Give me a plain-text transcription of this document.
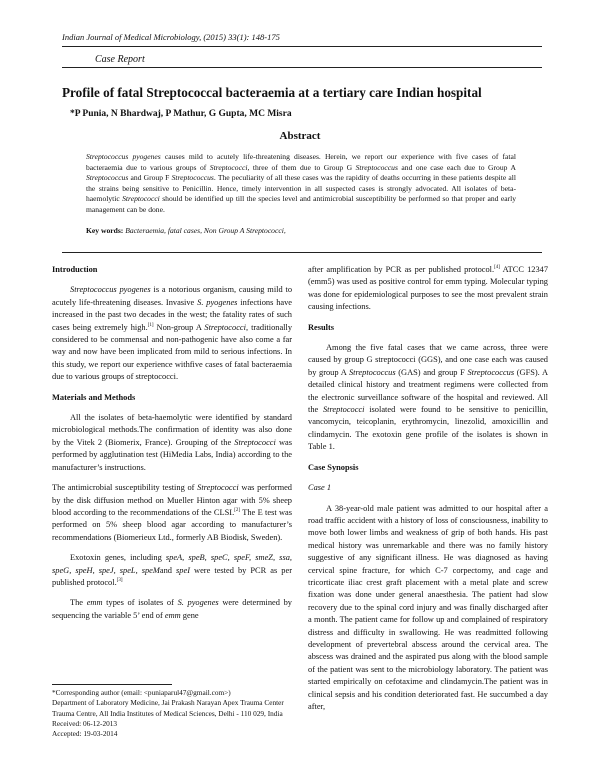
Indian Journal of Medical Microbiology, (2015) 33(1): 148-175
Case Report
Profile of fatal Streptococcal bacteraemia at a tertiary care Indian hospital
*P Punia, N Bhardwaj, P Mathur, G Gupta, MC Misra
Abstract
Streptococcus pyogenes causes mild to acutely life-threatening diseases. Herein, we report our experience with five cases of fatal bacteraemia due to various groups of Streptococci, three of them due to Group G Streptococcus and one case each due to Group A Streptococcus and Group F Streptococcus. The peculiarity of all these cases was the rapidity of deaths occurring in these patients despite all the strains being sensitive to Penicillin. Hence, timely intervention in all suspected cases is strongly advocated. All isolates of beta-haemolytic Streptococci should be identified up till the species level and antimicrobial susceptibility be performed so that proper and early management can be done.
Key words: Bacteraemia, fatal cases, Non Group A Streptococci,
Introduction

Streptococcus pyogenes is a notorious organism, causing mild to acutely life-threatening diseases. Invasive S. pyogenes infections have increased in the past two decades in the west; the fatality rates of such cases being extremely high.[1] Non-group A Streptococci, traditionally considered to be commensal and non-pathogenic have also come a far way and now have been implicated from mild to serious infections. In this study, we report our experience withfive cases of fatal bacteraemia due to various groups of streptococci.

Materials and Methods

All the isolates of beta-haemolytic were identified by standard microbiological methods.The confirmation of identity was also done by the Vitek 2 (Biomerix, France). Grouping of the Streptococci was performed by agglutination test (HiMedia Labs, India) according to the manufacturer’s instructions.

The antimicrobial susceptibility testing of Streptococci was performed by the disk diffusion method on Mueller Hinton agar with 5% sheep blood according to the recommendations of the CLSI.[2] The E test was performed on 5% sheep blood agar according to manufacturer’s recommendations (Biomerieux Ltd., formerly AB Biodisk, Sweden).

Exotoxin genes, including speA, speB, speC, speF, smeZ, ssa, speG, speH, speJ, speL, speMand speI were tested by PCR as per published protocol.[3]

The emm types of isolates of S. pyogenes were determined by sequencing the variable 5’ end of emm gene

*Corresponding author (email: <puniaparul47@gmail.com>)
Department of Laboratory Medicine, Jai Prakash Narayan Apex Trauma Center Trauma Centre, All India Institutes of Medical Sciences, Delhi - 110 029, India
Received: 06-12-2013
Accepted: 19-03-2014

after amplification by PCR as per published protocol.[4] ATCC 12347 (emm5) was used as positive control for emm typing. Molecular typing was done for epidemiological purposes to see the most prevalent strain causing infections.

Results

Among the five fatal cases that we came across, three were caused by group G streptococci (GGS), and one case each was caused by group A Streptococcus (GAS) and group F Streptococcus (GFS). A detailed clinical history and treatment regimens were collected from the electronic surveillance software of the hospital and reviewed. All the Streptococci isolated were found to be sensitive to penicillin, vancomycin, teicoplanin, erythromycin, linezolid, amoxicillin and clindamycin. The exotoxin gene profile of the isolates is shown in Table 1.

Case Synopsis
Case 1

A 38-year-old male patient was admitted to our hospital after a road traffic accident with a history of loss of consciousness, inability to move both lower limbs and weakness of grip of both hands. His past medical history was unremarkable and there was no family history suggestive of any significant illness. He was diagnosed as having cervical spine fracture, for which C-7 corpectomy, and cage and tricorticate iliac crest graft placement with a metal plate and screw fixation was done under general anaesthesia. The patient had slow recovery due to the spinal cord injury and was finally discharged after a month. The patient came for follow up and complained of respiratory distress and difficulty in swallowing. He was readmitted following development of prevertebral abscess around the cervical area. The abscess was drained and the aspirated pus along with the blood sample of the patient was sent to the microbiology laboratory. The patient was started empirically on cefotaxime and clindamycin.The patient was in clinical sepsis and his condition deteriorated fast. He succumbed a day after,
